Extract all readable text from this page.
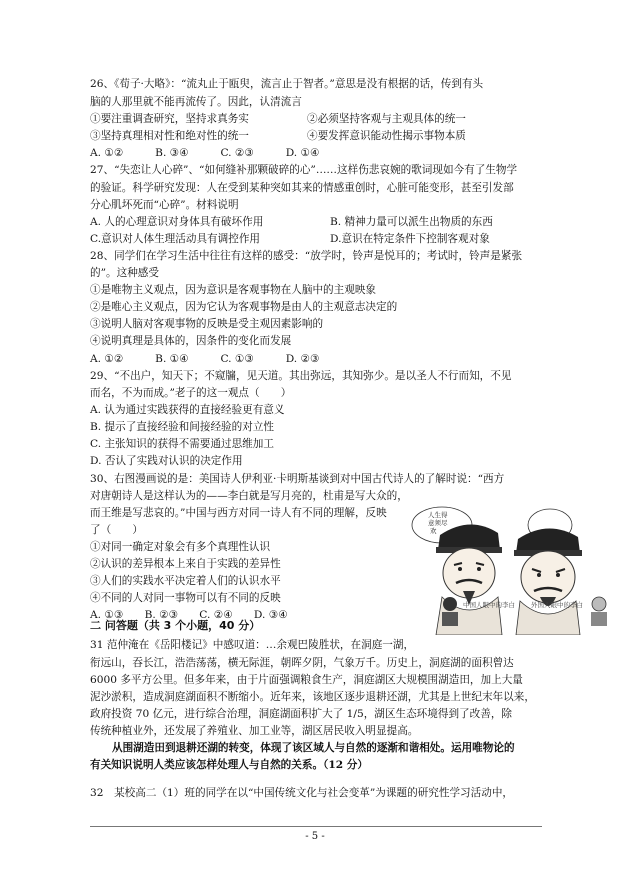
26、《荀子·大略》：“流丸止于瓯臾，流言止于智者。”意思是没有根据的话，传到有头
脑的人那里就不能再流传了。因此，认清流言
①要注重调查研究，坚持求真务实	②必须坚持客观与主观具体的统一
③坚持真理相对性和绝对性的统一	④要发挥意识能动性揭示事物本质
A. ①②　　　B. ③④　　　C. ②③　　　D. ①④
27、“失恋让人心碎”、“如何缝补那颗破碎的心”……这样伤悲哀婉的歌词现如今有了生物学
的验证。科学研究发现：人在受到某种突如其来的情感重创时，心脏可能变形，甚至引发部
分心肌坏死而“心碎”。材料说明
A. 人的心理意识对身体具有破坏作用	B. 精神力量可以派生出物质的东西
C.意识对人体生理活动具有调控作用	D.意识在特定条件下控制客观对象
28、同学们在学习生活中往往有这样的感受：“放学时，铃声是悦耳的；考试时，铃声是紧张
的”。这种感受
①是唯物主义观点，因为意识是客观事物在人脑中的主观映象
②是唯心主义观点，因为它认为客观事物是由人的主观意志决定的
③说明人脑对客观事物的反映是受主观因素影响的
④说明真理是具体的，因条件的变化而发展
A. ①②　　　B. ①④　　　C. ①③　　　D. ②③
29、“不出户，知天下；不窥牖，见天道。其出弥远，其知弥少。是以圣人不行而知，不见
而名，不为而成。”老子的这一观点（　　）
A. 认为通过实践获得的直接经验更有意义
B. 提示了直接经验和间接经验的对立性
C. 主张知识的获得不需要通过思维加工
D. 否认了实践对认识的决定作用
30、右图漫画说的是：美国诗人伊利亚·卡明斯基谈到对中国古代诗人的了解时说：“西方
对唐朝诗人是这样认为的——李白就是写月亮的，杜甫是写大众的，
而王维是写悲哀的。”中国与西方对同一诗人有不同的理解，反映
了（　　）
①对同一确定对象会有多个真理性认识
②认识的差异根本上来自于实践的差异性
③人们的实践水平决定着人们的认识水平
④不同的人对同一事物可以有不同的反映
A. ①③　　B. ②③　　C. ②④　　D. ③④
人生得意须尽欢
中国人眼中的李白 外国人眼中的李白
二 问答题（共 3 个小题，40 分）
31 范仲淹在《岳阳楼记》中感叹道：…余观巴陵胜状，在洞庭一湖，
衔远山，吞长江，浩浩荡荡，横无际涯，朝晖夕阴，气象万千。历史上，洞庭湖的面积曾达
6000 多平方公里。但多年来，由于片面强调粮食生产，洞庭湖区大规模围湖造田，加上大量
泥沙淤积，造成洞庭湖面积不断缩小。近年来，该地区逐步退耕还湖，尤其是上世纪末年以来，
政府投资 70 亿元，进行综合治理，洞庭湖面积扩大了 1/5，湖区生态环境得到了改善，除
传统种植业外，还发展了养殖业、加工业等，湖区居民收入明显提高。
从围湖造田到退耕还湖的转变，体现了该区域人与自然的逐渐和谐相处。运用唯物论的
有关知识说明人类应该怎样处理人与自然的关系。（12 分）
32　某校高二（1）班的同学在以“中国传统文化与社会变革”为课题的研究性学习活动中，
- 5 -
